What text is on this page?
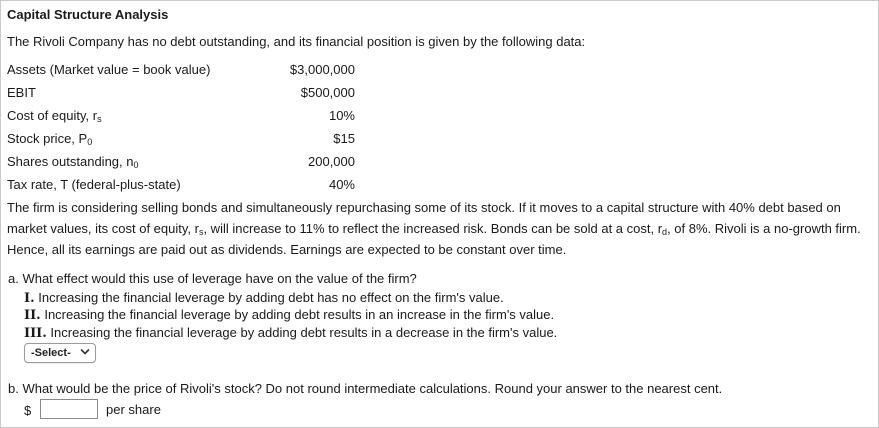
Capital Structure Analysis
The Rivoli Company has no debt outstanding, and its financial position is given by the following data:
Assets (Market value = book value)	$3,000,000
EBIT	$500,000
Cost of equity, $r_s$	10%
Stock price, $P_0$	$15
Shares outstanding, $n_0$	200,000
Tax rate, T (federal-plus-state)	40%
The firm is considering selling bonds and simultaneously repurchasing some of its stock. If it moves to a capital structure with 40% debt based on market values, its cost of equity, $r_s$, will increase to 11% to reflect the increased risk. Bonds can be sold at a cost, $r_d$, of 8%. Rivoli is a no-growth firm. Hence, all its earnings are paid out as dividends. Earnings are expected to be constant over time.
a. What effect would this use of leverage have on the value of the firm?
I. Increasing the financial leverage by adding debt has no effect on the firm's value.
II. Increasing the financial leverage by adding debt results in an increase in the firm's value.
III. Increasing the financial leverage by adding debt results in a decrease in the firm's value.
-Select-
b. What would be the price of Rivoli's stock? Do not round intermediate calculations. Round your answer to the nearest cent.
$	per share
